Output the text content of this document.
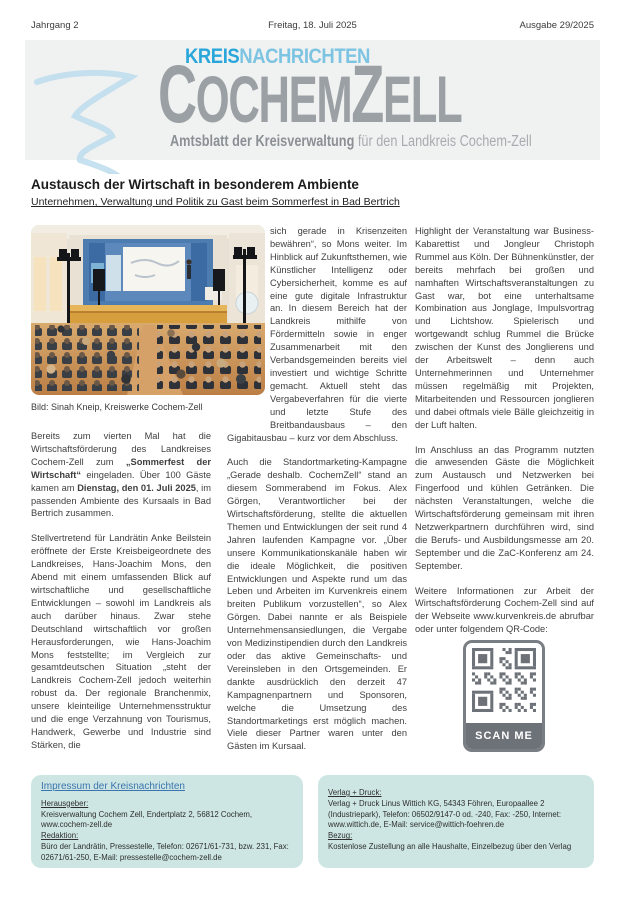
Jahrgang 2	Freitag, 18. Juli 2025	Ausgabe 29/2025
KREISNACHRICHTEN
COCHEMZELL
Amtsblatt der Kreisverwaltung für den Landkreis Cochem-Zell
Austausch der Wirtschaft in besonderem Ambiente
Unternehmen, Verwaltung und Politik zu Gast beim Sommerfest in Bad Bertrich
Bild: Sinah Kneip, Kreiswerke Cochem-Zell

Bereits zum vierten Mal hat die Wirtschaftsförderung des Landkreises Cochem-Zell zum „Sommerfest der Wirtschaft“ eingeladen. Über 100 Gäste kamen am Dienstag, den 01. Juli 2025, im passenden Ambiente des Kursaals in Bad Bertrich zusammen.

Stellvertretend für Landrätin Anke Beilstein eröffnete der Erste Kreisbeigeordnete des Landkreises, Hans-Joachim Mons, den Abend mit einem umfassenden Blick auf wirtschaftliche und gesellschaftliche Entwicklungen – sowohl im Landkreis als auch darüber hinaus. Zwar stehe Deutschland wirtschaftlich vor großen Herausforderungen, wie Hans-Joachim Mons feststellte; im Vergleich zur gesamtdeutschen Situation „steht der Landkreis Cochem-Zell jedoch weiterhin robust da. Der regionale Branchenmix, unsere kleinteilige Unternehmensstruktur und die enge Verzahnung von Tourismus, Handwerk, Gewerbe und Industrie sind Stärken, die

sich gerade in Krisenzeiten bewähren“, so Mons weiter. Im Hinblick auf Zukunftsthemen, wie Künstlicher Intelligenz oder Cybersicherheit, komme es auf eine gute digitale Infrastruktur an. In diesem Bereich hat der Landkreis mithilfe von Fördermitteln sowie in enger Zusammenarbeit mit den Verbandsgemeinden bereits viel investiert und wichtige Schritte gemacht. Aktuell steht das Vergabeverfahren für die vierte und letzte Stufe des Breitbandausbaus – den Gigabitausbau – kurz vor dem Abschluss.

Auch die Standortmarketing-Kampagne „Gerade deshalb. CochemZell“ stand an diesem Sommerabend im Fokus. Alex Görgen, Verantwortlicher bei der Wirtschaftsförderung, stellte die aktuellen Themen und Entwicklungen der seit rund 4 Jahren laufenden Kampagne vor. „Über unsere Kommunikationskanäle haben wir die ideale Möglichkeit, die positiven Entwicklungen und Aspekte rund um das Leben und Arbeiten im Kurvenkreis einem breiten Publikum vorzustellen“, so Alex Görgen. Dabei nannte er als Beispiele Unternehmensansiedlungen, die Vergabe von Medizinstipendien durch den Landkreis oder das aktive Gemeinschafts- und Vereinsleben in den Ortsgemeinden. Er dankte ausdrücklich den derzeit 47 Kampagnenpartnern und Sponsoren, welche die Umsetzung des Standortmarketings erst möglich machen. Viele dieser Partner waren unter den Gästen im Kursaal.

Highlight der Veranstaltung war Business-Kabarettist und Jongleur Christoph Rummel aus Köln. Der Bühnenkünstler, der bereits mehrfach bei großen und namhaften Wirtschaftsveranstaltungen zu Gast war, bot eine unterhaltsame Kombination aus Jonglage, Impulsvortrag und Lichtshow. Spielerisch und wortgewandt schlug Rummel die Brücke zwischen der Kunst des Jonglierens und der Arbeitswelt – denn auch Unternehmerinnen und Unternehmer müssen regelmäßig mit Projekten, Mitarbeitenden und Ressourcen jonglieren und dabei oftmals viele Bälle gleichzeitig in der Luft halten.

Im Anschluss an das Programm nutzten die anwesenden Gäste die Möglichkeit zum Austausch und Netzwerken bei Fingerfood und kühlen Getränken. Die nächsten Veranstaltungen, welche die Wirtschaftsförderung gemeinsam mit ihren Netzwerkpartnern durchführen wird, sind die Berufs- und Ausbildungsmesse am 20. September und die ZaC-Konferenz am 24. September.

Weitere Informationen zur Arbeit der Wirtschaftsförderung Cochem-Zell sind auf der Webseite www.kurvenkreis.de abrufbar oder unter folgendem QR-Code:

SCAN ME
Impressum der Kreisnachrichten
Herausgeber:
Kreisverwaltung Cochem Zell, Endertplatz 2, 56812 Cochem, www.cochem-zell.de
Redaktion:
Büro der Landrätin, Pressestelle, Telefon: 02671/61-731, bzw. 231, Fax: 02671/61-250, E-Mail: pressestelle@cochem-zell.de
Verlag + Druck:
Verlag + Druck Linus Wittich KG, 54343 Föhren, Europaallee 2 (Industriepark), Telefon: 06502/9147-0 od. -240, Fax: -250, Internet: www.wittich.de, E-Mail: service@wittich-foehren.de
Bezug:
Kostenlose Zustellung an alle Haushalte, Einzelbezug über den Verlag
